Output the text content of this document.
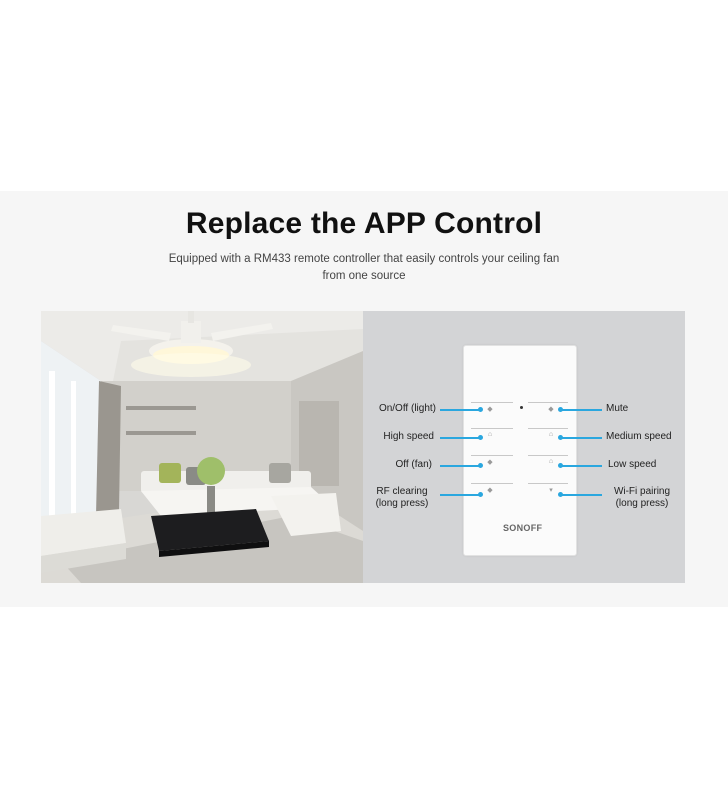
Replace the APP Control
Equipped with a RM433 remote controller that easily controls your ceiling fan
from one source
◆
⌂
◆
◆
◆
⌂
⌂
▾
On/Off (light)
High speed
Off (fan)
RF clearing
(long press)
Mute
Medium speed
Low speed
Wi-Fi pairing
(long press)
SONOFF
